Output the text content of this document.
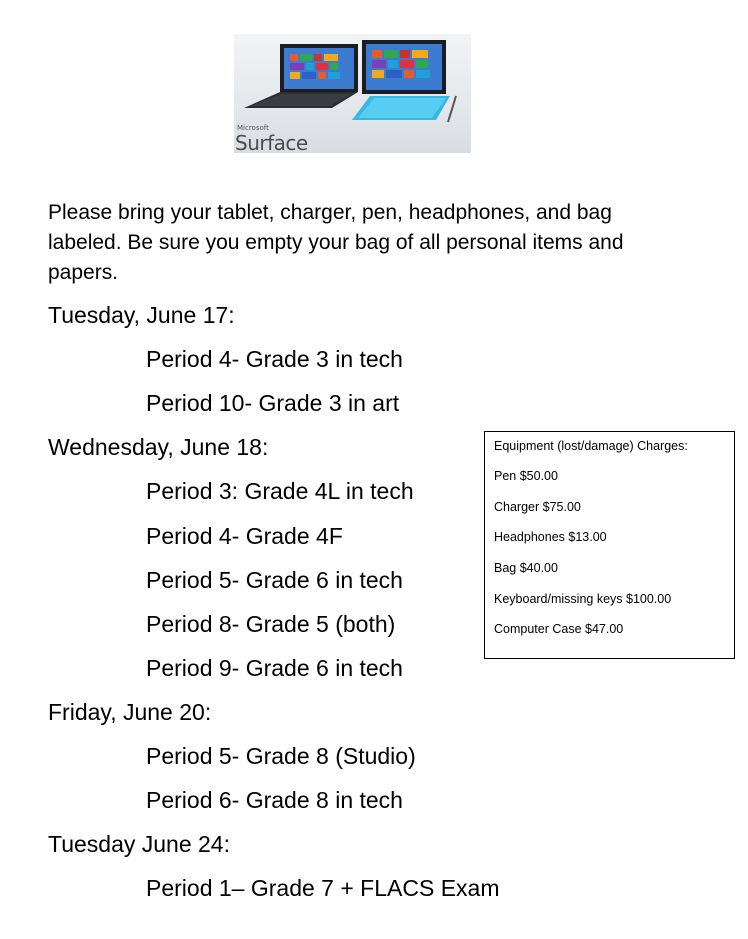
Microsoft
Surface
Please bring your tablet, charger, pen, headphones, and bag labeled. Be sure you empty your bag of all personal items and papers.
Tuesday, June 17:
Period 4- Grade 3 in tech
Period 10- Grade 3 in art
Wednesday, June 18:
Period 3: Grade 4L in tech
Period 4- Grade 4F
Period 5- Grade 6 in tech
Period 8- Grade 5 (both)
Period 9- Grade 6 in tech
Friday, June 20:
Period 5- Grade 8 (Studio)
Period 6- Grade 8 in tech
Tuesday June 24:
Period 1– Grade 7 + FLACS Exam
Equipment (lost/damage) Charges:
Pen $50.00
Charger $75.00
Headphones $13.00
Bag $40.00
Keyboard/missing keys $100.00
Computer Case $47.00
